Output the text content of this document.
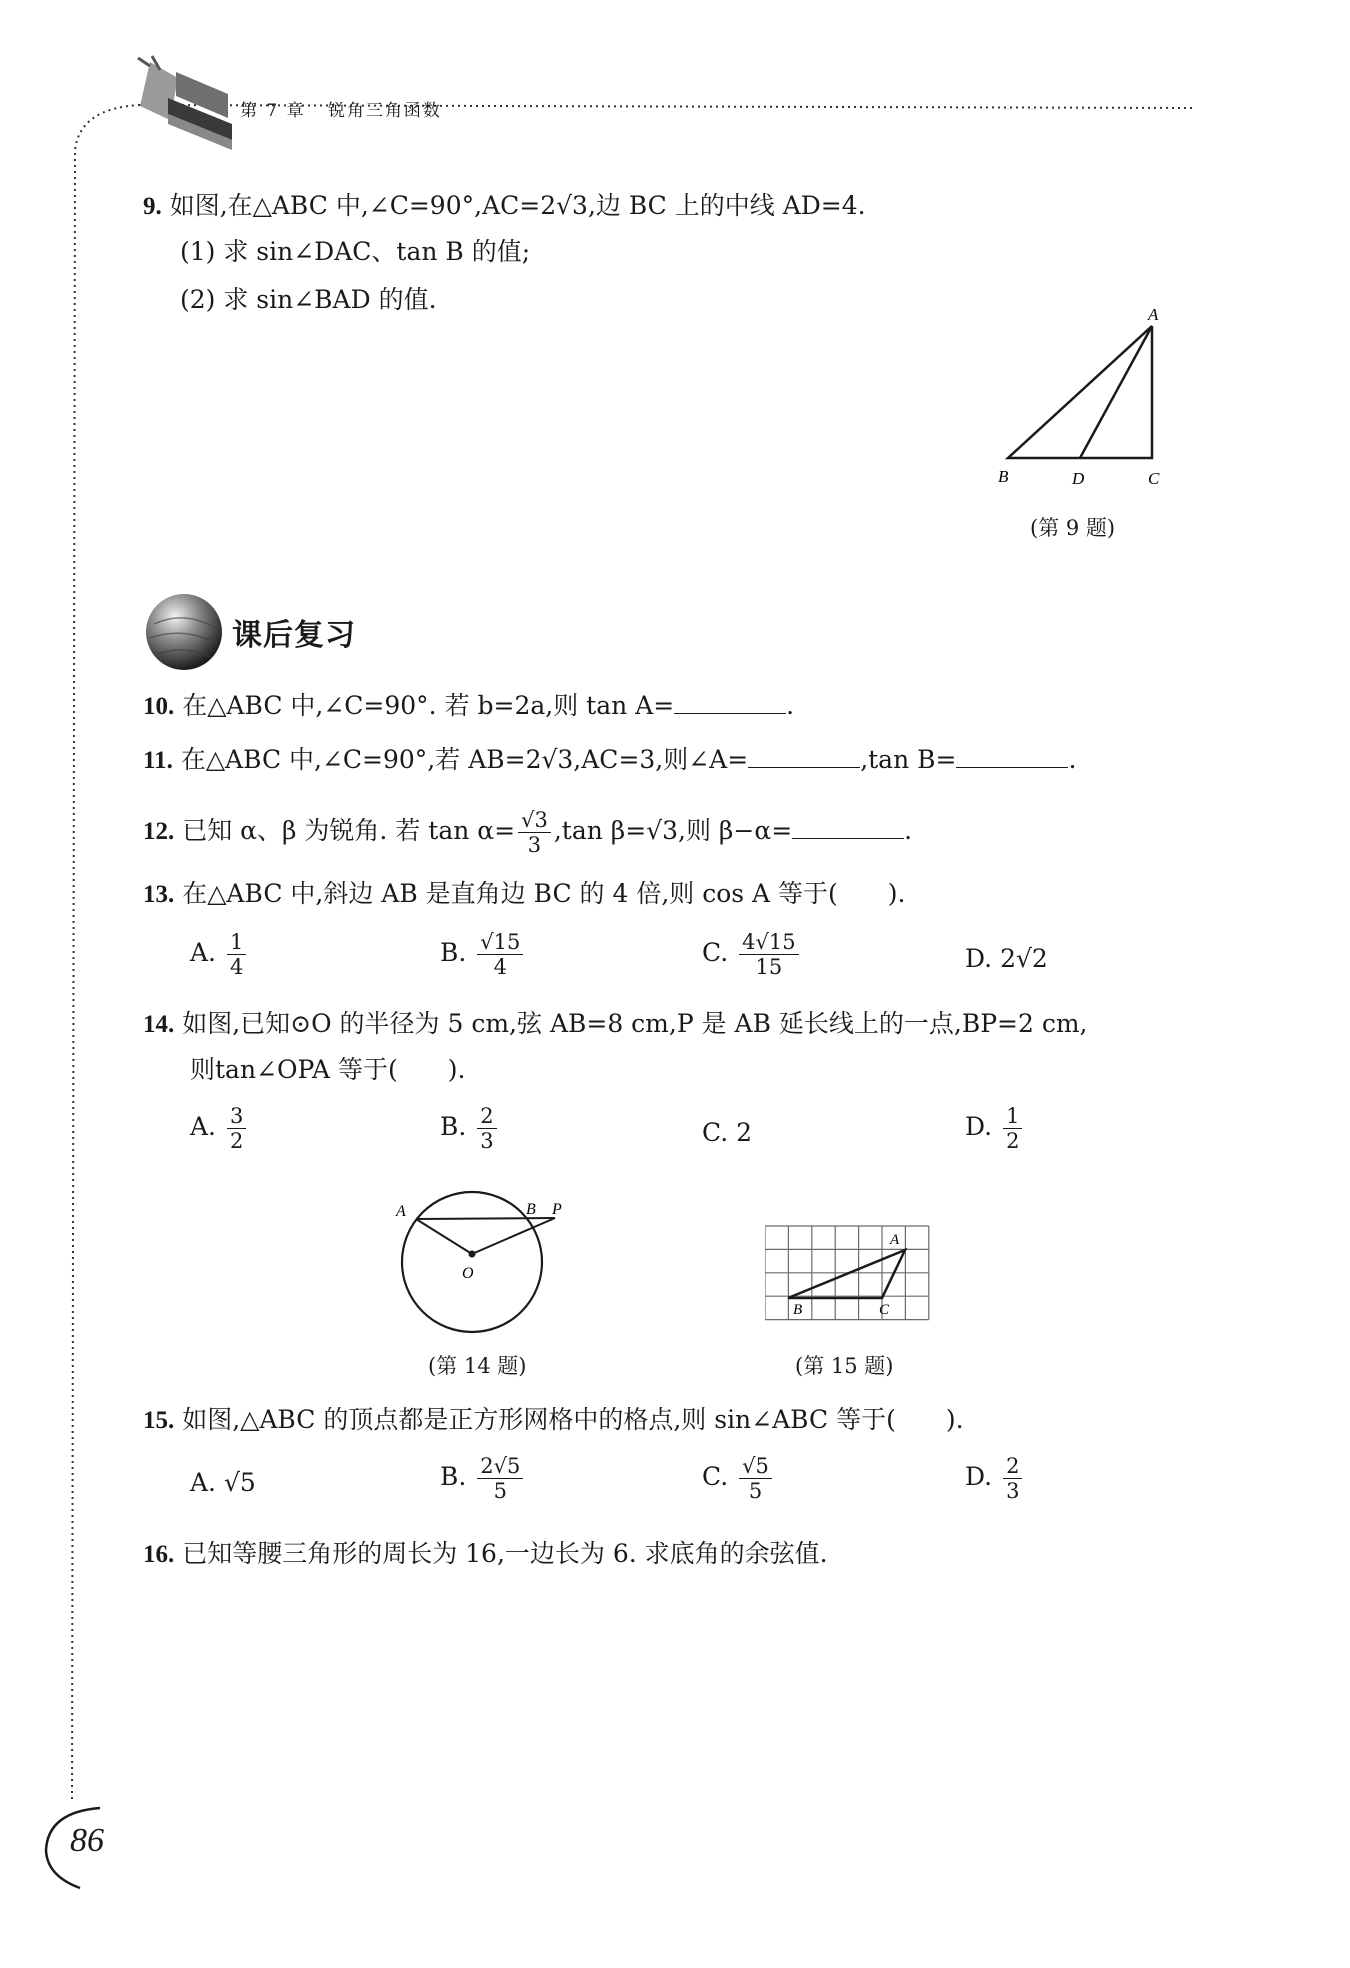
第 7 章 锐角三角函数
9. 如图,在△ABC 中,∠C=90°,AC=2√3,边 BC 上的中线 AD=4.
(1) 求 sin∠DAC、tan B 的值;
(2) 求 sin∠BAD 的值.
A
B	D	C
(第 9 题)
课后复习
10. 在△ABC 中,∠C=90°. 若 b=2a,则 tan A=	.
11. 在△ABC 中,∠C=90°,若 AB=2√3,AC=3,则∠A=	,tan B=	.
12. 已知 α、β 为锐角. 若 $\tan \alpha= \frac{√3}{3} ,\tan$ β=√3,则 β−α=	.
13. 在△ABC 中,斜边 AB 是直角边 BC 的 4 倍,则 cos A 等于(　　).
A. $\frac{1}{4}$	B. $\frac{√15}{4}$	C. $\frac{4√15}{15}$	D. 2√2
14. 如图,已知⊙O 的半径为 5 cm,弦 AB=8 cm,P 是 AB 延长线上的一点,BP=2 cm,
则tan∠OPA 等于(　　).
A. $\frac{3}{2}$	B. $\frac{2}{3}$	C. 2	D. $\frac{1}{2}$
A	B P
O
(第 14 题)
A
B	C
(第 15 题)
15. 如图,△ABC 的顶点都是正方形网格中的格点,则 sin∠ABC 等于(　　).
A. √5	B. $\frac{2√5}{5}$	C. $\frac{√5}{5}$	D. $\frac{2}{3}$
16. 已知等腰三角形的周长为 16,一边长为 6. 求底角的余弦值.
86
